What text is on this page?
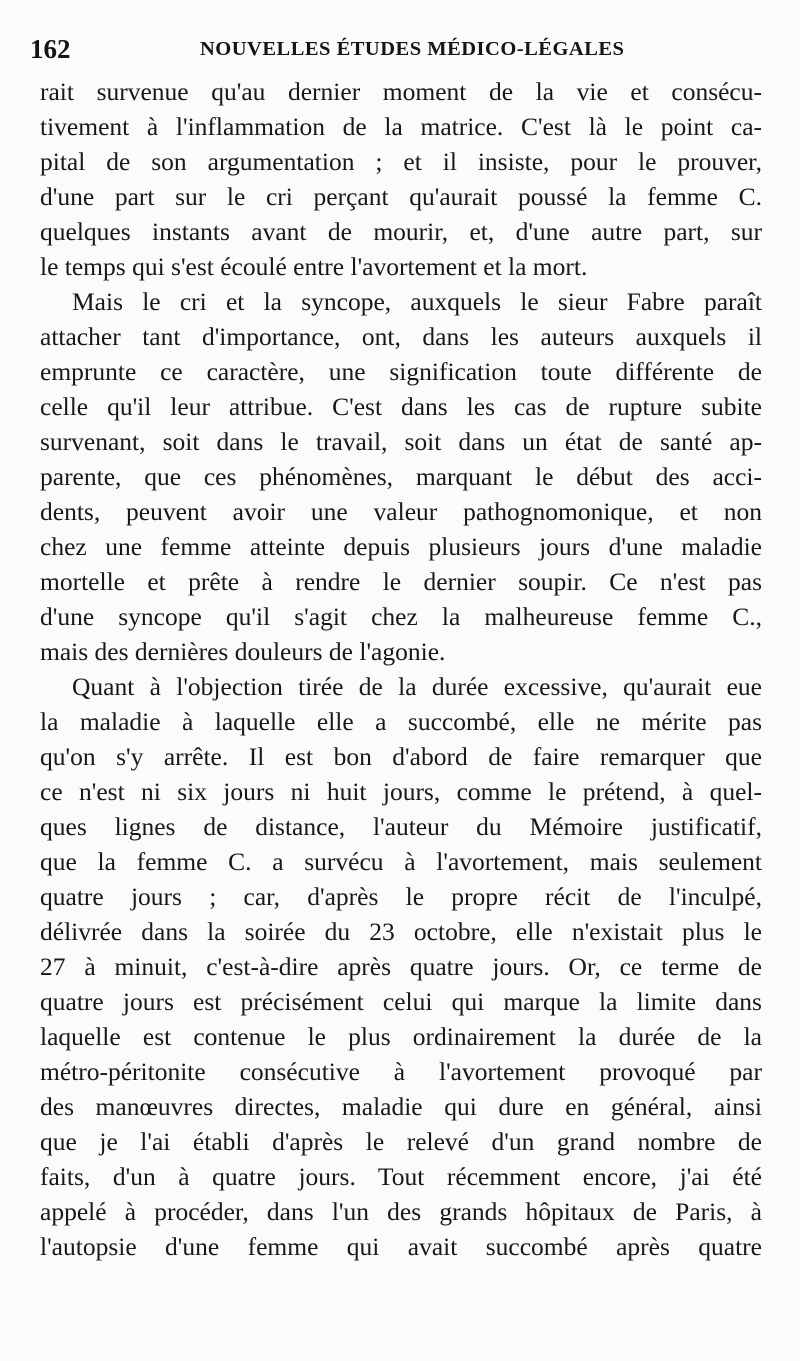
162	NOUVELLES ÉTUDES MÉDICO-LÉGALES
rait survenue qu'au dernier moment de la vie et consécu-
tivement à l'inflammation de la matrice. C'est là le point ca-
pital de son argumentation ; et il insiste, pour le prouver,
d'une part sur le cri perçant qu'aurait poussé la femme C.
quelques instants avant de mourir, et, d'une autre part, sur
le temps qui s'est écoulé entre l'avortement et la mort.
Mais le cri et la syncope, auxquels le sieur Fabre paraît
attacher tant d'importance, ont, dans les auteurs auxquels il
emprunte ce caractère, une signification toute différente de
celle qu'il leur attribue. C'est dans les cas de rupture subite
survenant, soit dans le travail, soit dans un état de santé ap-
parente, que ces phénomènes, marquant le début des acci-
dents, peuvent avoir une valeur pathognomonique, et non
chez une femme atteinte depuis plusieurs jours d'une maladie
mortelle et prête à rendre le dernier soupir. Ce n'est pas
d'une syncope qu'il s'agit chez la malheureuse femme C.,
mais des dernières douleurs de l'agonie.
Quant à l'objection tirée de la durée excessive, qu'aurait eue
la maladie à laquelle elle a succombé, elle ne mérite pas
qu'on s'y arrête. Il est bon d'abord de faire remarquer que
ce n'est ni six jours ni huit jours, comme le prétend, à quel-
ques lignes de distance, l'auteur du Mémoire justificatif,
que la femme C. a survécu à l'avortement, mais seulement
quatre jours ; car, d'après le propre récit de l'inculpé,
délivrée dans la soirée du 23 octobre, elle n'existait plus le
27 à minuit, c'est-à-dire après quatre jours. Or, ce terme de
quatre jours est précisément celui qui marque la limite dans
laquelle est contenue le plus ordinairement la durée de la
métro-péritonite consécutive à l'avortement provoqué par
des manœuvres directes, maladie qui dure en général, ainsi
que je l'ai établi d'après le relevé d'un grand nombre de
faits, d'un à quatre jours. Tout récemment encore, j'ai été
appelé à procéder, dans l'un des grands hôpitaux de Paris, à
l'autopsie d'une femme qui avait succombé après quatre
